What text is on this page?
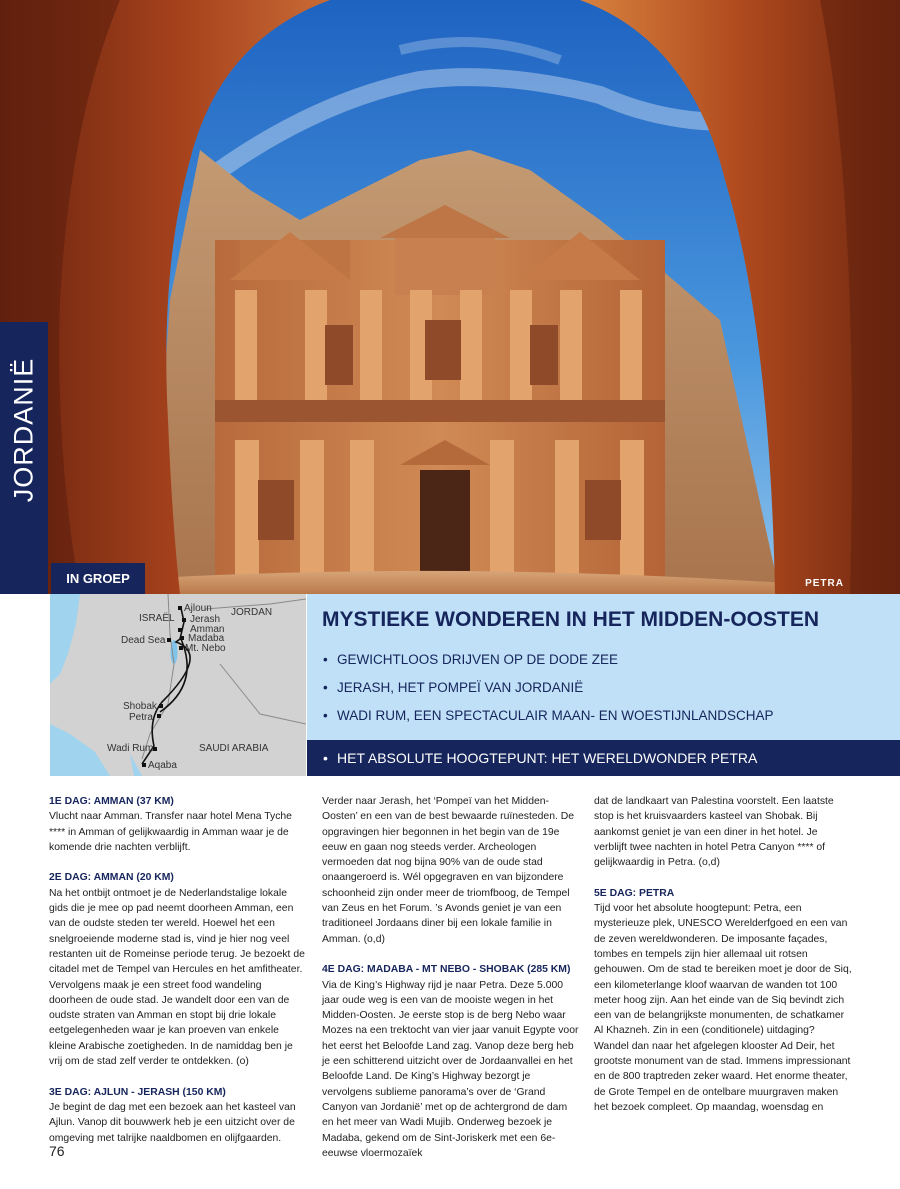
PETRA
JORDANIË
IN GROEP
ISRAËL
JORDAN
SAUDI ARABIA
Ajloun
Jerash
Amman
Dead Sea Madaba
Mt. Nebo
Shobak
Petra
Wadi Rum
Aqaba
MYSTIEKE WONDEREN IN HET MIDDEN-OOSTEN
• GEWICHTLOOS DRIJVEN OP DE DODE ZEE
• JERASH, HET POMPEÏ VAN JORDANIË
• WADI RUM, EEN SPECTACULAIR MAAN- EN WOESTIJNLANDSCHAP
• HET ABSOLUTE HOOGTEPUNT: HET WERELDWONDER PETRA
1E DAG: AMMAN (37 KM)

Vlucht naar Amman. Transfer naar hotel Mena Tyche **** in Amman of gelijkwaardig in Amman waar je de komende drie nachten verblijft.

2E DAG: AMMAN (20 KM)

Na het ontbijt ontmoet je de Nederlandstalige lokale gids die je mee op pad neemt doorheen Amman, een van de oudste steden ter wereld. Hoewel het een snelgroeiende moderne stad is, vind je hier nog veel restanten uit de Romeinse periode terug. Je bezoekt de citadel met de Tempel van Hercules en het amfitheater. Vervolgens maak je een street food wandeling doorheen de oude stad. Je wandelt door een van de oudste straten van Amman en stopt bij drie lokale eetgelegenheden waar je kan proeven van enkele kleine Arabische zoetigheden. In de namiddag ben je vrij om de stad zelf verder te ontdekken. (o)

3E DAG: AJLUN - JERASH (150 KM)

Je begint de dag met een bezoek aan het kasteel van Ajlun. Vanop dit bouwwerk heb je een uitzicht over de omgeving met talrijke naaldbomen en olijfgaarden.

Verder naar Jerash, het ‘Pompeï van het Midden-Oosten’ en een van de best bewaarde ruïnesteden. De opgravingen hier begonnen in het begin van de 19e eeuw en gaan nog steeds verder. Archeologen vermoeden dat nog bijna 90% van de oude stad onaangeroerd is. Wél opgegraven en van bijzondere schoonheid zijn onder meer de triomfboog, de Tempel van Zeus en het Forum. ’s Avonds geniet je van een traditioneel Jordaans diner bij een lokale familie in Amman. (o,d)

4E DAG: MADABA - MT NEBO - SHOBAK (285 KM)

Via de King’s Highway rijd je naar Petra. Deze 5.000 jaar oude weg is een van de mooiste wegen in het Midden-Oosten. Je eerste stop is de berg Nebo waar Mozes na een trektocht van vier jaar vanuit Egypte voor het eerst het Beloofde Land zag. Vanop deze berg heb je een schitterend uitzicht over de Jordaanvallei en het Beloofde Land. De King’s Highway bezorgt je vervolgens sublieme panorama’s over de ‘Grand Canyon van Jordanië’ met op de achtergrond de dam en het meer van Wadi Mujib. Onderweg bezoek je Madaba, gekend om de Sint-Joriskerk met een 6e-eeuwse vloermozaïek

dat de landkaart van Palestina voorstelt. Een laatste stop is het kruisvaarders kasteel van Shobak. Bij aankomst geniet je van een diner in het hotel. Je verblijft twee nachten in hotel Petra Canyon **** of gelijkwaardig in Petra. (o,d)

5E DAG: PETRA

Tijd voor het absolute hoogtepunt: Petra, een mysterieuze plek, UNESCO Werelderfgoed en een van de zeven wereldwonderen. De imposante façades, tombes en tempels zijn hier allemaal uit rotsen gehouwen. Om de stad te bereiken moet je door de Siq, een kilometerlange kloof waarvan de wanden tot 100 meter hoog zijn. Aan het einde van de Siq bevindt zich een van de belangrijkste monumenten, de schatkamer Al Khazneh. Zin in een (conditionele) uitdaging? Wandel dan naar het afgelegen klooster Ad Deir, het grootste monument van de stad. Immens impressionant en de 800 traptreden zeker waard. Het enorme theater, de Grote Tempel en de ontelbare muurgraven maken het bezoek compleet. Op maandag, woensdag en

76
